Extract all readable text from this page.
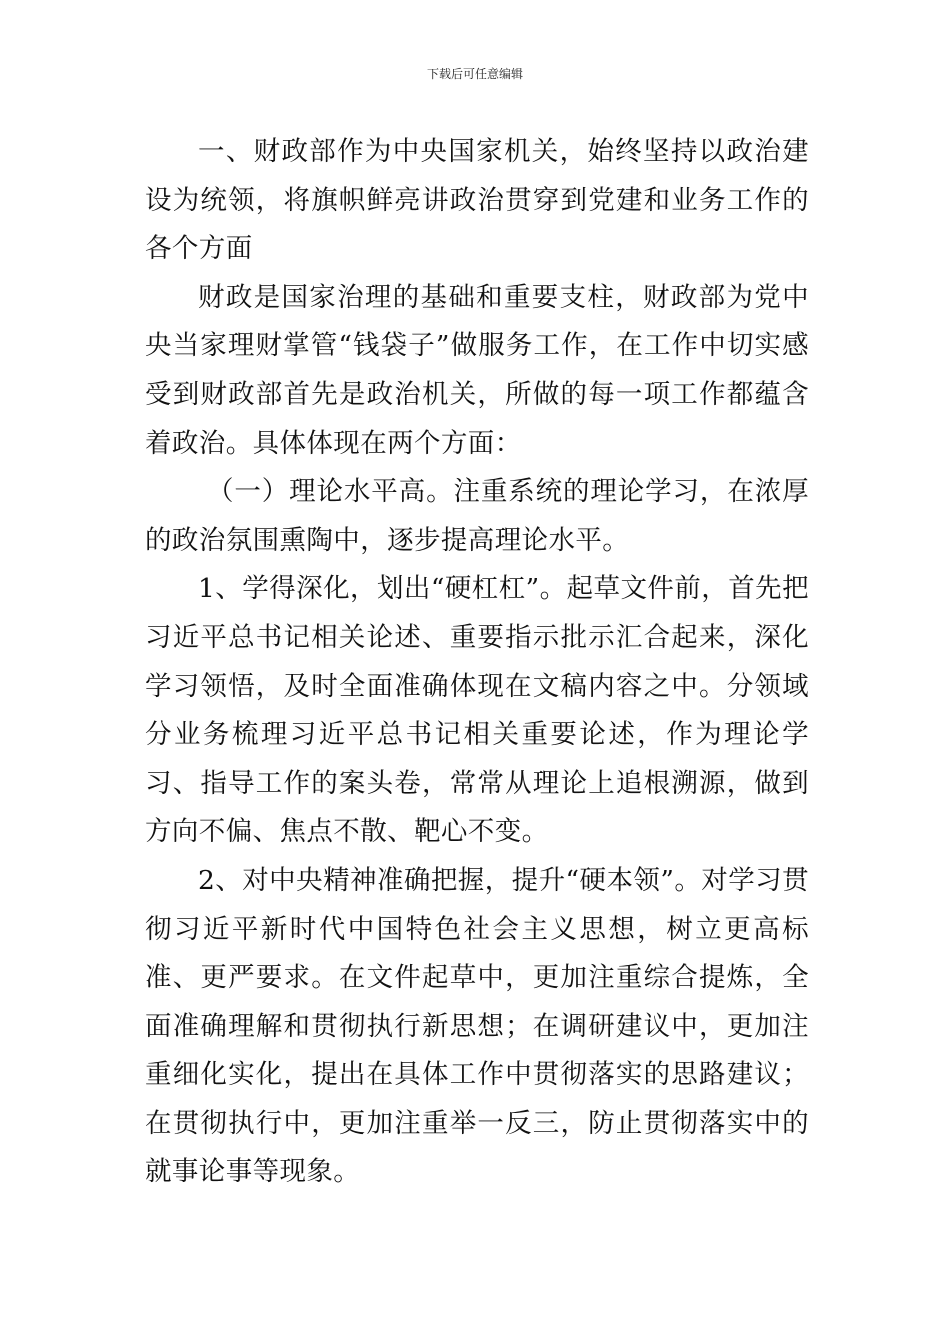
下载后可任意编辑

一、财政部作为中央国家机关，始终坚持以政治建设为统领，将旗帜鲜亮讲政治贯穿到党建和业务工作的各个方面

财政是国家治理的基础和重要支柱，财政部为党中央当家理财掌管“钱袋子”做服务工作，在工作中切实感受到财政部首先是政治机关，所做的每一项工作都蕴含着政治。具体体现在两个方面：

（一）理论水平高。注重系统的理论学习，在浓厚的政治氛围熏陶中，逐步提高理论水平。

1、学得深化，划出“硬杠杠”。起草文件前，首先把习近平总书记相关论述、重要指示批示汇合起来，深化学习领悟，及时全面准确体现在文稿内容之中。分领域分业务梳理习近平总书记相关重要论述，作为理论学习、指导工作的案头卷，常常从理论上追根溯源，做到方向不偏、焦点不散、靶心不变。

2、对中央精神准确把握，提升“硬本领”。对学习贯彻习近平新时代中国特色社会主义思想，树立更高标准、更严要求。在文件起草中，更加注重综合提炼，全面准确理解和贯彻执行新思想；在调研建议中，更加注重细化实化，提出在具体工作中贯彻落实的思路建议；在贯彻执行中，更加注重举一反三，防止贯彻落实中的就事论事等现象。
